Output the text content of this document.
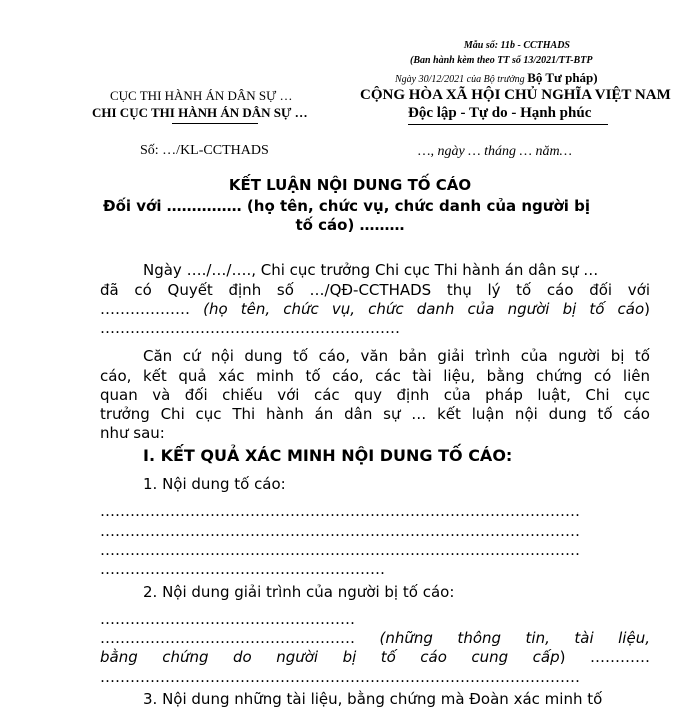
Mẫu số: 11b - CCTHADS
(Ban hành kèm theo TT số 13/2021/TT-BTP
Ngày 30/12/2021 của Bộ trưởng Bộ Tư pháp)
CỤC THI HÀNH ÁN DÂN SỰ …
CHI CỤC THI HÀNH ÁN DÂN SỰ …
CỘNG HÒA XÃ HỘI CHỦ NGHĨA VIỆT NAM
Độc lập - Tự do - Hạnh phúc
Số: …/KL-CCTHADS	…, ngày … tháng … năm…
KẾT LUẬN NỘI DUNG TỐ CÁO
Đối với …………… (họ tên, chức vụ, chức danh của người bị
tố cáo) ………
Ngày …./…/…., Chi cục trưởng Chi cục Thi hành án dân sự …
đã có Quyết định số …/QĐ-CCTHADS thụ lý tố cáo đối với
……………… (họ tên, chức vụ, chức danh của người bị tố cáo)
……………………………………………………
Căn cứ nội dung tố cáo, văn bản giải trình của người bị tố
cáo, kết quả xác minh tố cáo, các tài liệu, bằng chứng có liên
quan và đối chiếu với các quy định của pháp luật, Chi cục
trưởng Chi cục Thi hành án dân sự … kết luận nội dung tố cáo
như sau:
I. KẾT QUẢ XÁC MINH NỘI DUNG TỐ CÁO:
1. Nội dung tố cáo:
……………………………………………………………………………………
……………………………………………………………………………………
……………………………………………………………………………………
…………………………………………………
2. Nội dung giải trình của người bị tố cáo:
……………………………………………
…………………………………………… (những thông tin, tài liệu,
bằng chứng do người bị tố cáo cung cấp) …………
……………………………………………………………………………………
3. Nội dung những tài liệu, bằng chứng mà Đoàn xác minh tố
